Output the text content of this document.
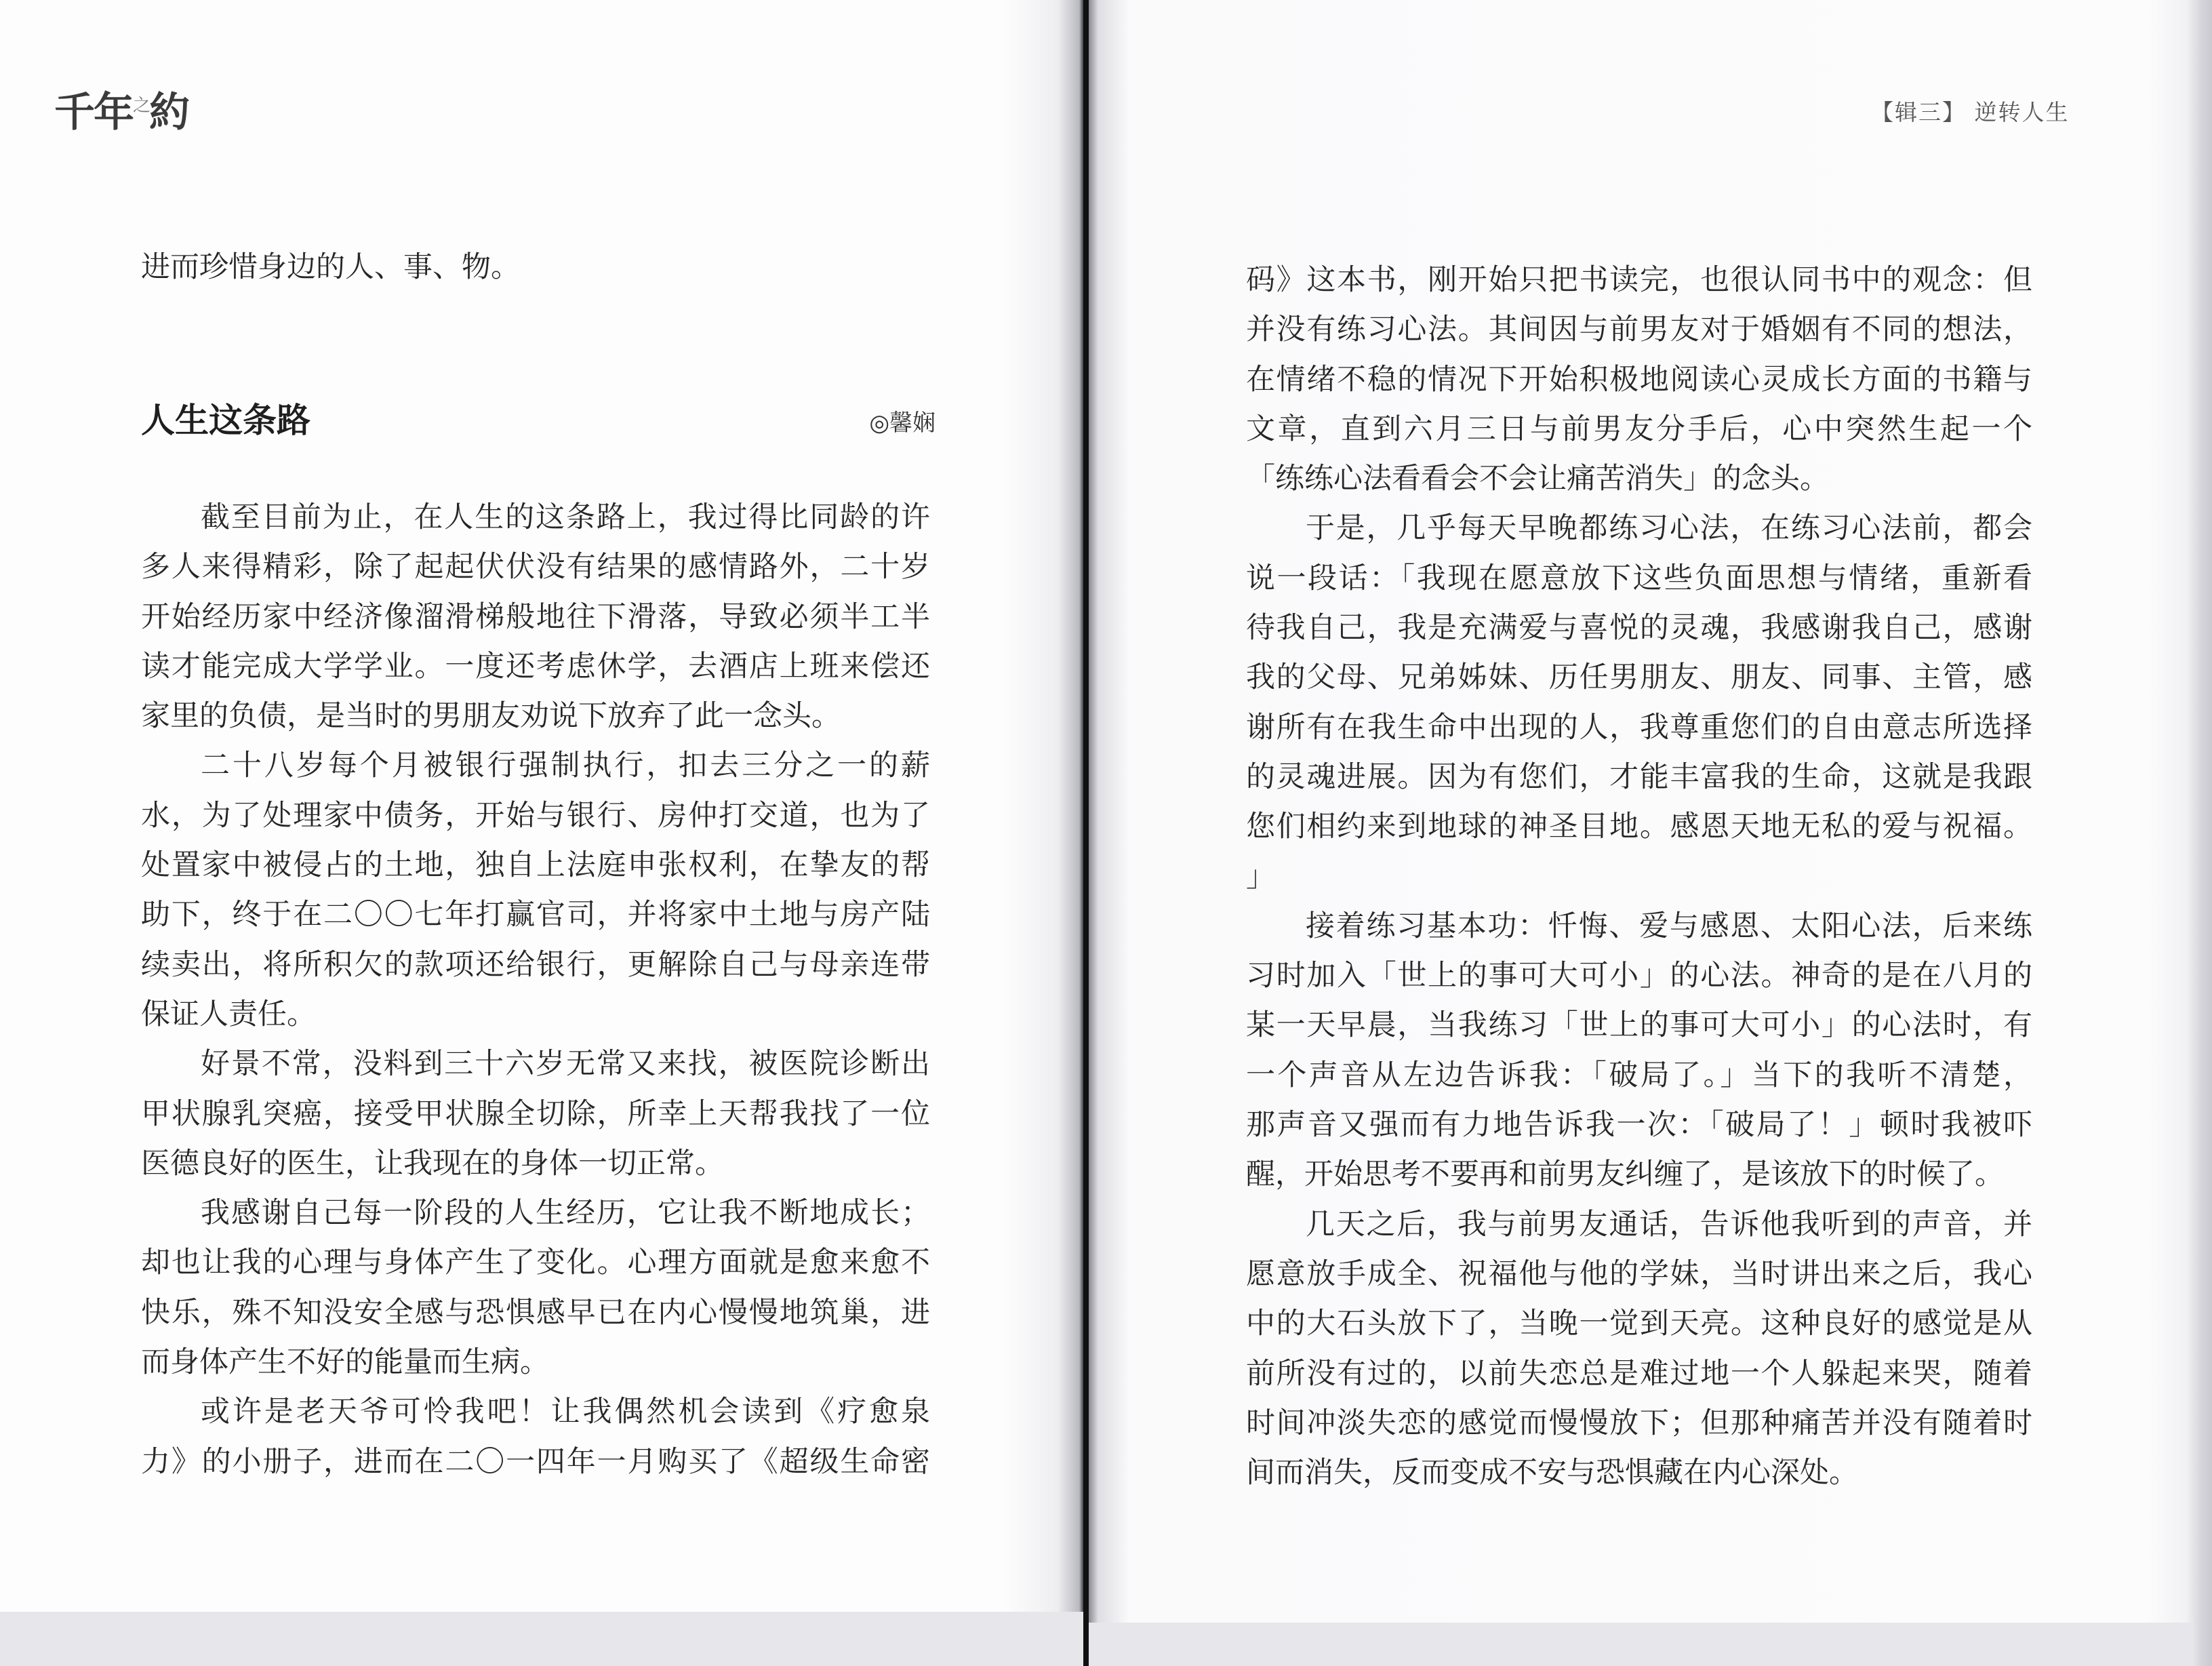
千年$^之$約
进而珍惜身边的人、事、物。
人生这条路	◎馨娴
截至目前为止，在人生的这条路上，我过得比同龄的许
多人来得精彩，除了起起伏伏没有结果的感情路外，二十岁
开始经历家中经济像溜滑梯般地往下滑落，导致必须半工半
读才能完成大学学业。一度还考虑休学，去酒店上班来偿还
家里的负债，是当时的男朋友劝说下放弃了此一念头。
二十八岁每个月被银行强制执行，扣去三分之一的薪
水，为了处理家中债务，开始与银行、房仲打交道，也为了
处置家中被侵占的土地，独自上法庭申张权利，在挚友的帮
助下，终于在二〇〇七年打赢官司，并将家中土地与房产陆
续卖出，将所积欠的款项还给银行，更解除自己与母亲连带
保证人责任。
好景不常，没料到三十六岁无常又来找，被医院诊断出
甲状腺乳突癌，接受甲状腺全切除，所幸上天帮我找了一位
医德良好的医生，让我现在的身体一切正常。
我感谢自己每一阶段的人生经历，它让我不断地成长；
却也让我的心理与身体产生了变化。心理方面就是愈来愈不
快乐，殊不知没安全感与恐惧感早已在内心慢慢地筑巢，进
而身体产生不好的能量而生病。
或许是老天爷可怜我吧！让我偶然机会读到《疗愈泉
力》的小册子，进而在二〇一四年一月购买了《超级生命密
【辑三】 逆转人生
码》这本书，刚开始只把书读完，也很认同书中的观念：但
并没有练习心法。其间因与前男友对于婚姻有不同的想法，
在情绪不稳的情况下开始积极地阅读心灵成长方面的书籍与
文章，直到六月三日与前男友分手后，心中突然生起一个
「练练心法看看会不会让痛苦消失」的念头。
于是，几乎每天早晚都练习心法，在练习心法前，都会
说一段话：「我现在愿意放下这些负面思想与情绪，重新看
待我自己，我是充满爱与喜悦的灵魂，我感谢我自己，感谢
我的父母、兄弟姊妹、历任男朋友、朋友、同事、主管，感
谢所有在我生命中出现的人，我尊重您们的自由意志所选择
的灵魂进展。因为有您们，才能丰富我的生命，这就是我跟
您们相约来到地球的神圣目地。感恩天地无私的爱与祝福。
」
接着练习基本功：忏悔、爱与感恩、太阳心法，后来练
习时加入「世上的事可大可小」的心法。神奇的是在八月的
某一天早晨，当我练习「世上的事可大可小」的心法时，有
一个声音从左边告诉我：「破局了。」当下的我听不清楚，
那声音又强而有力地告诉我一次：「破局了！」顿时我被吓
醒，开始思考不要再和前男友纠缠了，是该放下的时候了。
几天之后，我与前男友通话，告诉他我听到的声音，并
愿意放手成全、祝福他与他的学妹，当时讲出来之后，我心
中的大石头放下了，当晚一觉到天亮。这种良好的感觉是从
前所没有过的，以前失恋总是难过地一个人躲起来哭，随着
时间冲淡失恋的感觉而慢慢放下；但那种痛苦并没有随着时
间而消失，反而变成不安与恐惧藏在内心深处。
